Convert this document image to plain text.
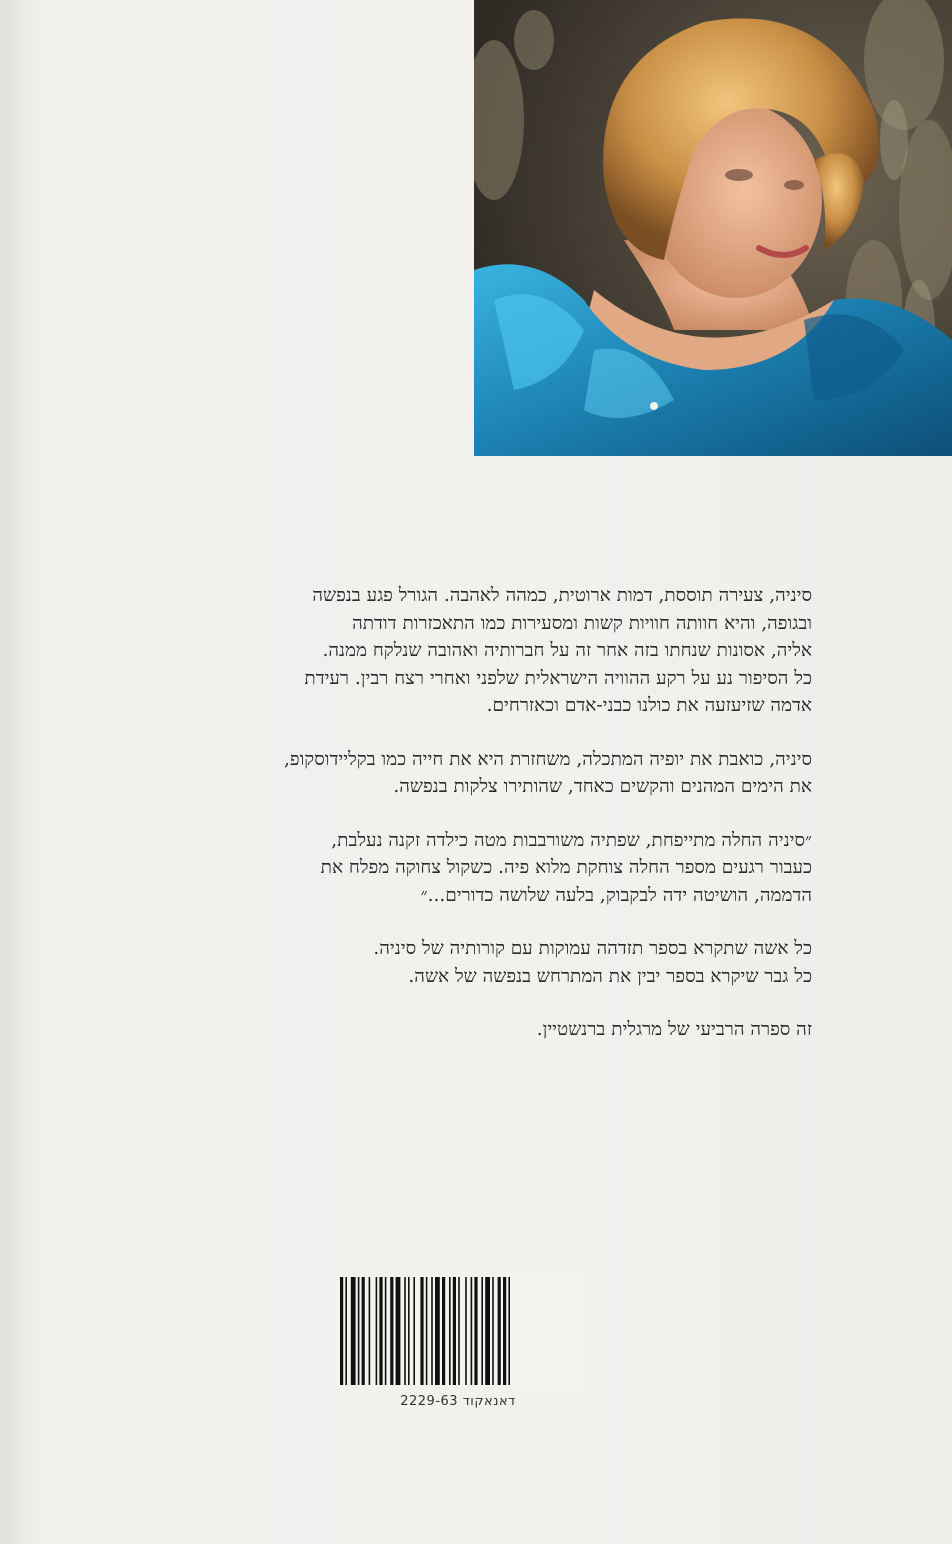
סיניה, צעירה תוססת, דמות ארוטית, כמהה לאהבה. הגורל פגע בנפשה
ובגופה, והיא חוותה חוויות קשות ומסעירות כמו התאכזרות דודתה
אליה, אסונות שנחתו בזה אחר זה על חברותיה ואהובה שנלקח ממנה.
כל הסיפור נע על רקע ההוויה הישראלית שלפני ואחרי רצח רבין. רעידת
אדמה שזיעזעה את כולנו כבני-אדם וכאזרחים.

סיניה, כואבת את יופיה המתכלה, משחזרת היא את חייה כמו בקליידוסקופ,
את הימים המהנים והקשים כאחד, שהותירו צלקות בנפשה.

״סיניה החלה מתייפחת, שפתיה משורבבות מטה כילדה זקנה נעלבת,
כעבור רגעים מספר החלה צוחקת מלוא פיה. כשקול צחוקה מפלח את
הדממה, הושיטה ידה לבקבוק, בלעה שלושה כדורים...״

כל אשה שתקרא בספר תזדהה עמוקות עם קורותיה של סיניה.
כל גבר שיקרא בספר יבין את המתרחש בנפשה של אשה.

זה ספרה הרביעי של מרגלית ברנשטיין.

דאנאקוד 2229-63
